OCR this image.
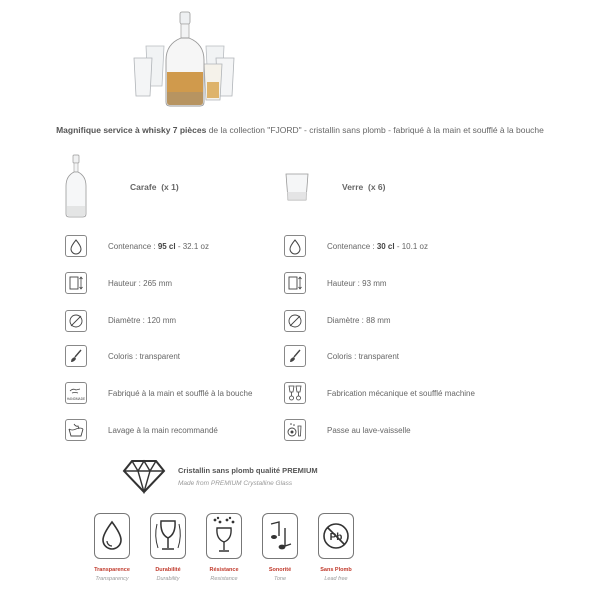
Magnifique service à whisky 7 pièces de la collection "FJORD" - cristallin sans plomb - fabriqué à la main et soufflé à la bouche
Carafe (x 1)	Verre (x 6)
Contenance : 95 cl - 32.1 oz
Hauteur : 265 mm
Diamètre : 120 mm
Coloris : transparent
HANDMADE
Fabriqué à la main et soufflé à la bouche
Lavage à la main recommandé
Contenance : 30 cl - 10.1 oz
Hauteur : 93 mm
Diamètre : 88 mm
Coloris : transparent
Fabrication mécanique et soufflé machine
Passe au lave-vaisselle
Cristallin sans plomb qualité PREMIUM
Made from PREMIUM Crystalline Glass
Transparence
Transparency
Durabilité
Durability
Résistance
Resistance
Sonorité
Tone
Pb
Sans Plomb
Lead free
